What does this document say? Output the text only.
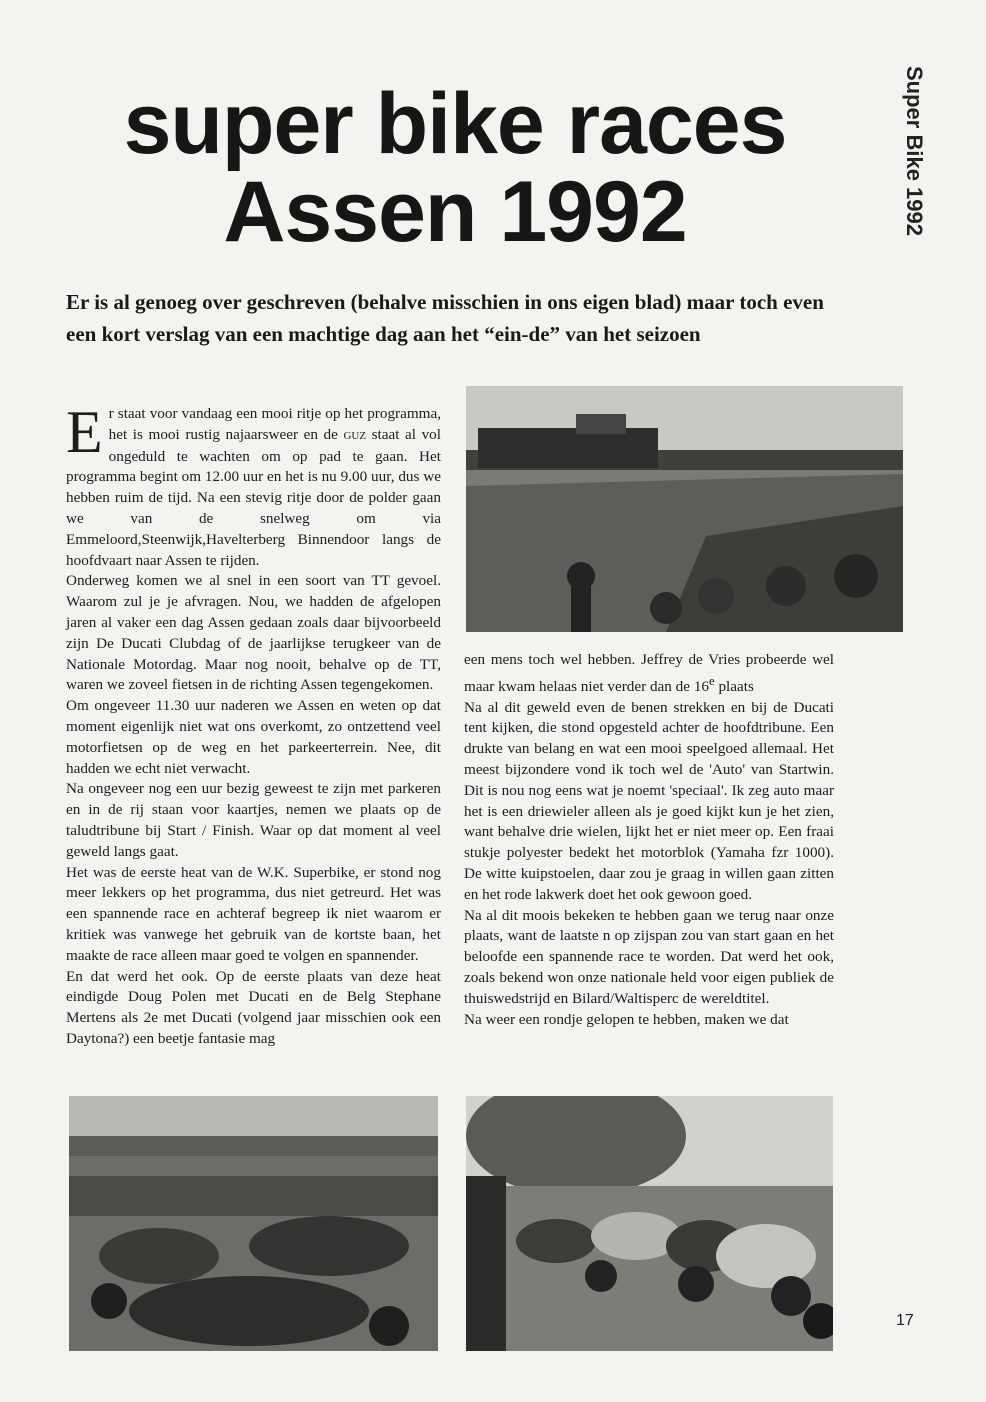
super bike races
Assen 1992	Super Bike 1992

Er is al genoeg over geschreven (behalve misschien in ons eigen blad) maar toch even een kort verslag van een machtige dag aan het “ein-de” van het seizoen

Er staat voor vandaag een mooi ritje op het programma, het is mooi rustig najaarsweer en de GUZ staat al vol ongeduld te wachten om op pad te gaan. Het programma begint om 12.00 uur en het is nu 9.00 uur, dus we hebben ruim de tijd. Na een stevig ritje door de polder gaan we van de snelweg om via Emmeloord,Steenwijk,Havelterberg Binnendoor langs de hoofdvaart naar Assen te rijden.

Onderweg komen we al snel in een soort van TT gevoel. Waarom zul je je afvragen. Nou, we hadden de afgelopen jaren al vaker een dag Assen gedaan zoals daar bijvoorbeeld zijn De Ducati Clubdag of de jaarlijkse terugkeer van de Nationale Motordag. Maar nog nooit, behalve op de TT, waren we zoveel fietsen in de richting Assen tegengekomen.

Om ongeveer 11.30 uur naderen we Assen en weten op dat moment eigenlijk niet wat ons overkomt, zo ontzettend veel motorfietsen op de weg en het parkeerterrein. Nee, dit hadden we echt niet verwacht.

Na ongeveer nog een uur bezig geweest te zijn met parkeren en in de rij staan voor kaartjes, nemen we plaats op de taludtribune bij Start / Finish. Waar op dat moment al veel geweld langs gaat.

Het was de eerste heat van de W.K. Superbike, er stond nog meer lekkers op het programma, dus niet getreurd. Het was een spannende race en achteraf begreep ik niet waarom er kritiek was vanwege het gebruik van de kortste baan, het maakte de race alleen maar goed te volgen en spannender.

En dat werd het ook. Op de eerste plaats van deze heat eindigde Doug Polen met Ducati en de Belg Stephane Mertens als 2e met Ducati (volgend jaar misschien ook een Daytona?) een beetje fantasie mag

een mens toch wel hebben. Jeffrey de Vries probeerde wel maar kwam helaas niet verder dan de 16e plaats

Na al dit geweld even de benen strekken en bij de Ducati tent kijken, die stond opgesteld achter de hoofdtribune. Een drukte van belang en wat een mooi speelgoed allemaal. Het meest bijzondere vond ik toch wel de 'Auto' van Startwin. Dit is nou nog eens wat je noemt 'speciaal'. Ik zeg auto maar het is een driewieler alleen als je goed kijkt kun je het zien, want behalve drie wielen, lijkt het er niet meer op. Een fraai stukje polyester bedekt het motorblok (Yamaha fzr 1000). De witte kuipstoelen, daar zou je graag in willen gaan zitten en het rode lakwerk doet het ook gewoon goed.

Na al dit moois bekeken te hebben gaan we terug naar onze plaats, want de laatste n op zijspan zou van start gaan en het beloofde een spannende race te worden. Dat werd het ook, zoals bekend won onze nationale held voor eigen publiek de thuiswedstrijd en Bilard/Waltisperc de wereldtitel.

Na weer een rondje gelopen te hebben, maken we dat

17
